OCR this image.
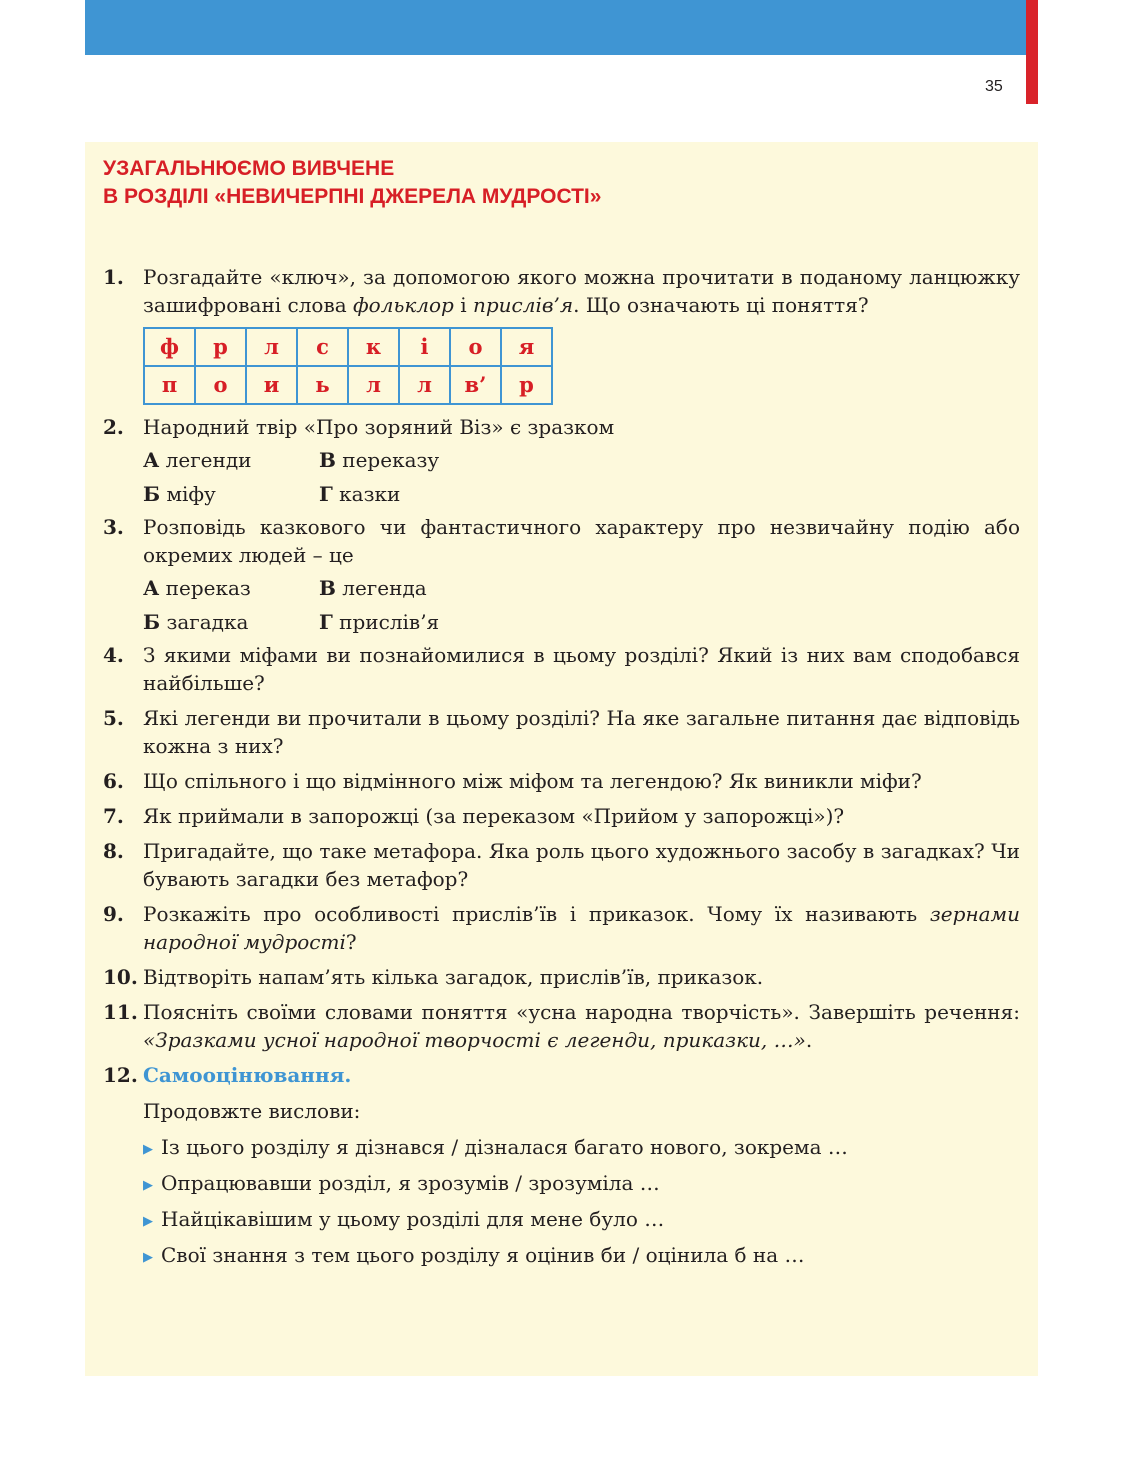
35
УЗАГАЛЬНЮЄМО ВИВЧЕНЕ
В РОЗДІЛІ «НЕВИЧЕРПНІ ДЖЕРЕЛА МУДРОСТІ»
1. Розгадайте «ключ», за допомогою якого можна прочитати в поданому ланцюжку зашифровані слова фольклор і прислів’я. Що означають ці поняття?
ф	р	л	с	к	і	о	я
п	о	и	ь	л	л	в’	р
2. Народний твір «Про зоряний Віз» є зразком
А легенди	В переказу
Б міфу	Г казки
3. Розповідь казкового чи фантастичного характеру про незвичайну подію або окремих людей – це
А переказ	В легенда
Б загадка	Г прислів’я
4. З якими міфами ви познайомилися в цьому розділі? Який із них вам сподобався найбільше?
5. Які легенди ви прочитали в цьому розділі? На яке загальне питання дає відповідь кожна з них?
6. Що спільного і що відмінного між міфом та легендою? Як виникли міфи?
7. Як приймали в запорожці (за переказом «Прийом у запорожці»)?
8. Пригадайте, що таке метафора. Яка роль цього художнього засобу в загадках? Чи бувають загадки без метафор?
9. Розкажіть про особливості прислів’їв і приказок. Чому їх називають зернами народної мудрості?
10. Відтворіть напам’ять кілька загадок, прислів’їв, приказок.
11. Поясніть своїми словами поняття «усна народна творчість». Завершіть речення: «Зразками усної народної творчості є легенди, приказки, …».
12. Самооцінювання.
Продовжте вислови:
▶ Із цього розділу я дізнався / дізналася багато нового, зокрема …
▶ Опрацювавши розділ, я зрозумів / зрозуміла …
▶ Найцікавішим у цьому розділі для мене було …
▶ Свої знання з тем цього розділу я оцінив би / оцінила б на …
